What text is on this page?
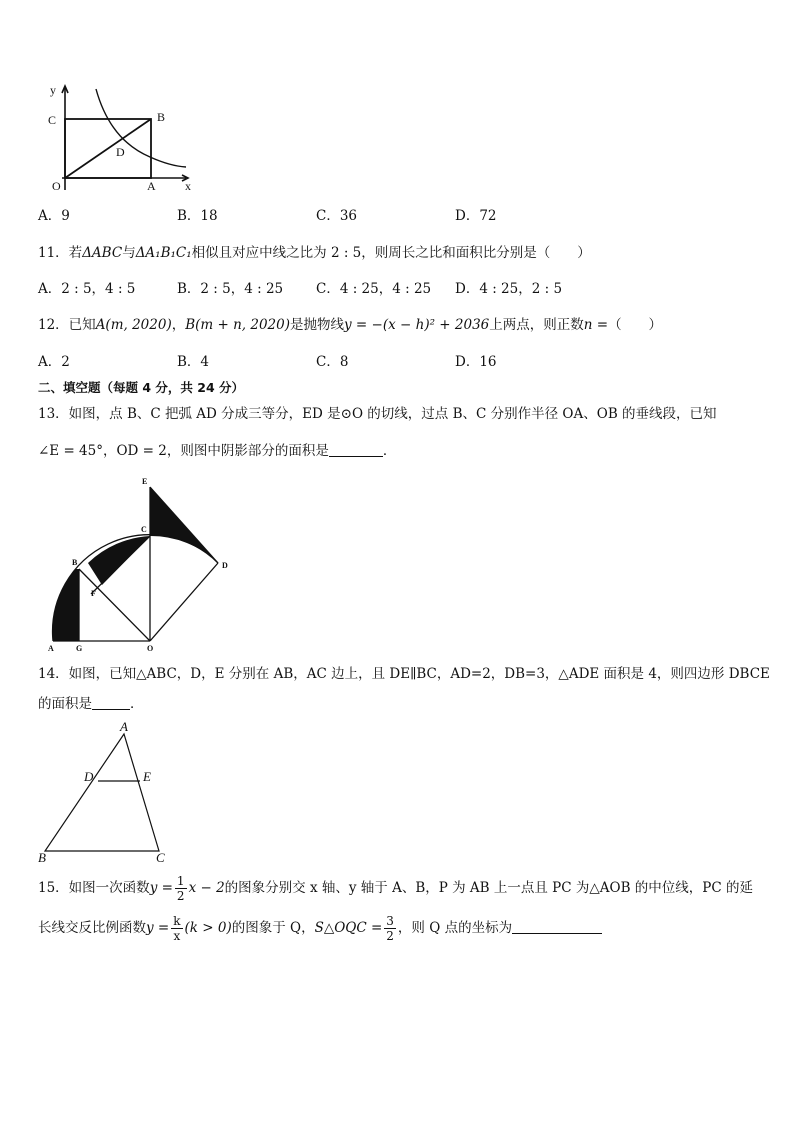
y
C	B
D
O	A x
A．9	B．18	C．36	D．72
11．若ΔABC与ΔA₁B₁C₁相似且对应中线之比为 2 : 5，则周长之比和面积比分别是（　　）
A．2 : 5，4 : 5	B．2 : 5，4 : 25 C．4 : 25，4 : 25 D．4 : 25，2 : 5
12．已知A(m, 2020)，B(m + n, 2020)是抛物线y = −(x − h)² + 2036上两点，则正数n =（　　）
A．2	B．4	C．8	D．16
二、填空题（每题 4 分，共 24 分）
13．如图，点 B、C 把弧 AD 分成三等分，ED 是⊙O 的切线，过点 B、C 分别作半径 OA、OB 的垂线段，已知
∠E = 45°，OD = 2，则图中阴影部分的面积是	．
E
C
B
F
D
A	G	O
14．如图，已知△ABC，D，E 分别在 AB，AC 边上，且 DE∥BC，AD=2，DB=3，△ADE 面积是 4，则四边形 DBCE
的面积是	．
A
D	E
B	C
15．如图一次函数$y = \frac{1}{2}$ x − 2的图象分别交 x 轴、y 轴于 A、B，P 为 AB 上一点且 PC 为△AOB 的中位线，PC 的延
长线交反比例函数$y = \frac{k}{x} (k > 0)$的图象于 Q，S△OQC = $\frac{3}{2}$ ，则 Q 点的坐标为
